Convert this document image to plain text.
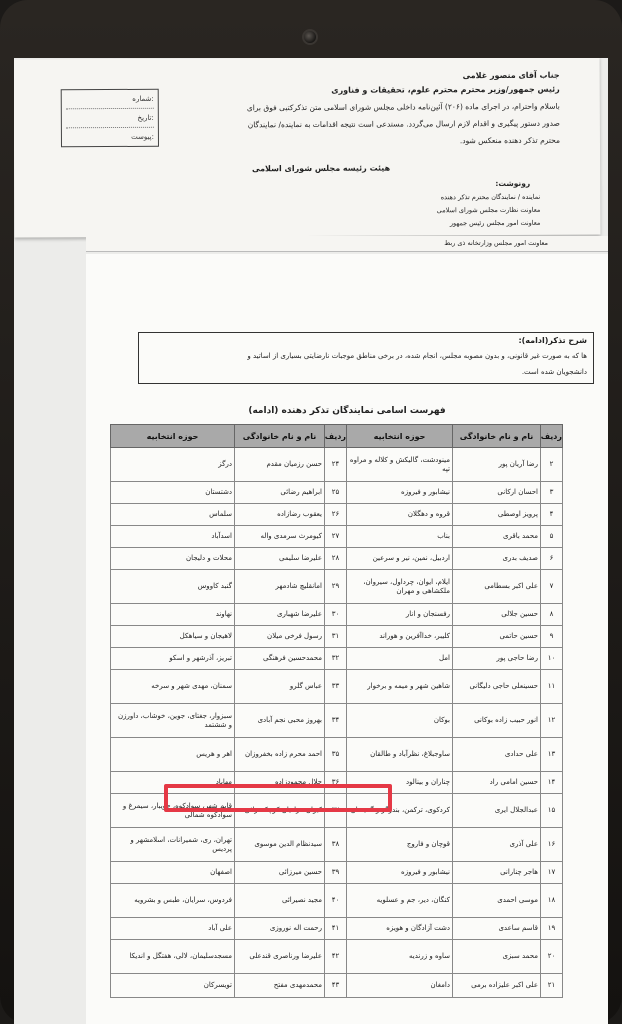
شماره:
تاریخ:
پیوست:
جناب آقای منصور غلامی
رئیس جمهور/وزیر محترم محترم علوم، تحقیقات و فناوری
باسلام واحترام، در اجرای ماده (۲۰۶) آئین‌نامه داخلی مجلس شورای اسلامی متن تذکرکتبی فوق برای
صدور دستور پیگیری و اقدام لازم ارسال می‌گردد. مستدعی است نتیجه اقدامات به نماینده/ نمایندگان
محترم تذکر دهنده منعکس شود.
هیئت رئیسه مجلس شورای اسلامی
رونوشت:
نماینده / نمایندگان محترم تذکر دهنده
معاونت نظارت مجلس شورای اسلامی
معاونت امور مجلس رئیس جمهور
معاونت امور مجلس وزارتخانه ذی ربط
شرح تذکر(ادامه):
ها که به صورت غیر قانونی، و بدون مصوبه مجلس، انجام شده، در برخی مناطق موجبات نارضایتی بسیاری از اساتید و
دانشجویان شده است.
فهرست اسامی نمایندگان تذکر دهنده (ادامه)
ردیف	نام و نام خانوادگی	حوزه انتخابیه	ردیف	نام و نام خانوادگی	حوزه انتخابیه
۲	رضا آریان پور	مینودشت، گالیکش و کلاله و مراوه تپه	۲۴	حسن رزمیان مقدم	درگز
۳	احسان ارکانی	نیشابور و فیروزه	۲۵	ابراهیم رضائی	دشتستان
۴	پرویز اوصطی	قروه و دهگلان	۲۶	یعقوب رضازاده	سلماس
۵	محمد باقری	بناب	۲۷	کیومرث سرمدی واله	اسدآباد
۶	صدیف بدری	اردبیل، نمین، نیر و سرعین	۲۸	علیرضا سلیمی	محلات و دلیجان
۷	علی اکبر بسطامی	ایلام، ایوان، چرداول، سیروان، ملکشاهی و مهران	۲۹	امانقلیچ شادمهر	گنبد کاووس
۸	حسین جلالی	رفسنجان و انار	۳۰	علیرضا شهباری	نهاوند
۹	حسین حاتمی	کلیبر، خداآفرین و هوراند	۳۱	رسول فرخی میلان	لاهیجان و سیاهکل
۱۰	رضا حاجی پور	امل	۳۲	محمدحسین فرهنگی	تبریز، آذرشهر و اسکو
۱۱	حسینعلی حاجی دلیگانی	شاهین شهر و میمه و برخوار	۳۳	عباس گلرو	سمنان، مهدی شهر و سرخه
۱۲	انور حبیب زاده بوکانی	بوکان	۳۴	بهروز محبی نجم آبادی	سبزوار، جغتای، جوین، خوشاب، داورزن و ششتمد
۱۳	علی حدادی	ساوجبلاغ، نظرآباد و طالقان	۳۵	احمد محرم زاده بخفروزان	اهر و هریس
۱۴	حسین امامی راد	چناران و بینالود	۳۶	جلال محمودزاده	مهاباد
۱۵	عبدالجلال ایری	کردکوی، ترکمن، بندرگز و گمیشان	۳۷	کیوان مرادیان کوچکسرائی	قایم شهر، سوادکوه، جویبار، سیمرغ و سوادکوه شمالی
۱۶	علی آذری	قوچان و فاروج	۳۸	سیدنظام الدین موسوی	تهران، ری، شمیرانات، اسلامشهر و پردیس
۱۷	هاجر چنارانی	نیشابور و فیروزه	۳۹	حسین میرزائی	اصفهان
۱۸	موسی احمدی	کنگان، دیر، جم و عسلویه	۴۰	مجید نصیرائی	فردوس، سرایان، طبس و بشرویه
۱۹	قاسم ساعدی	دشت آزادگان و هویزه	۴۱	رحمت اله نوروزی	علی آباد
۲۰	محمد سبزی	ساوه و زرندیه	۴۲	علیرضا ورناصری قندعلی	مسجدسلیمان، لالی، هفتگل و اندیکا
۲۱	علی اکبر علیزاده برمی	دامغان	۴۳	محمدمهدی مفتح	تویسرکان
